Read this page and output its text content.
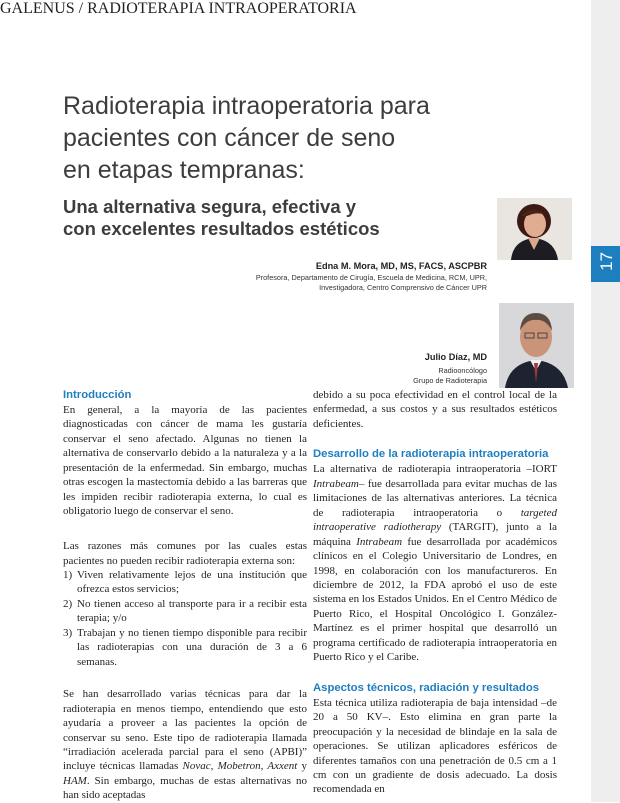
GALENUS / RADIOTERAPIA INTRAOPERATORIA
17
Radioterapia intraoperatoria para
pacientes con cáncer de seno
en etapas tempranas:
Una alternativa segura, efectiva y
con excelentes resultados estéticos
Edna M. Mora, MD, MS, FACS, ASCPBR
Profesora, Departamento de Cirugía, Escuela de Medicina, RCM, UPR,
Investigadora, Centro Comprensivo de Cáncer UPR
Julio Díaz, MD
Radiooncólogo
Grupo de Radioterapia
Introducción

En general, a la mayoría de las pacientes diagnosticadas con cáncer de mama les gustaría conservar el seno afectado. Algunas no tienen la alternativa de conservarlo debido a la naturaleza y a la presentación de la enfermedad. Sin embargo, muchas otras escogen la mastectomía debido a las barreras que les impiden recibir radioterapia externa, lo cual es obligatorio luego de conservar el seno.

Las razones más comunes por las cuales estas pacientes no pueden recibir radioterapia externa son:

1) Viven relativamente lejos de una institución que ofrezca estos servicios;
2) No tienen acceso al transporte para ir a recibir esta terapia; y/o
3) Trabajan y no tienen tiempo disponible para recibir las radioterapias con una duración de 3 a 6 semanas.

Se han desarrollado varias técnicas para dar la radioterapia en menos tiempo, entendiendo que esto ayudaría a proveer a las pacientes la opción de conservar su seno. Este tipo de radioterapia llamada “irradiación acelerada parcial para el seno (APBI)” incluye técnicas llamadas Novac, Mobetron, Axxent y HAM. Sin embargo, muchas de estas alternativas no han sido aceptadas

debido a su poca efectividad en el control local de la enfermedad, a sus costos y a sus resultados estéticos deficientes.

Desarrollo de la radioterapia intraoperatoria

La alternativa de radioterapia intraoperatoria –IORT Intrabeam– fue desarrollada para evitar muchas de las limitaciones de las alternativas anteriores. La técnica de radioterapia intraoperatoria o targeted intraoperative radiotherapy (TARGIT), junto a la máquina Intrabeam fue desarrollada por académicos clínicos en el Colegio Universitario de Londres, en 1998, en colaboración con los manufactureros. En diciembre de 2012, la FDA aprobó el uso de este sistema en los Estados Unidos. En el Centro Médico de Puerto Rico, el Hospital Oncológico I. González-Martínez es el primer hospital que desarrolló un programa certificado de radioterapia intraoperatoria en Puerto Rico y el Caribe.

Aspectos técnicos, radiación y resultados

Esta técnica utiliza radioterapia de baja intensidad –de 20 a 50 KV–. Esto elimina en gran parte la preocupación y la necesidad de blindaje en la sala de operaciones. Se utilizan aplicadores esféricos de diferentes tamaños con una penetración de 0.5 cm a 1 cm con un gradiente de dosis adecuado. La dosis recomendada en
